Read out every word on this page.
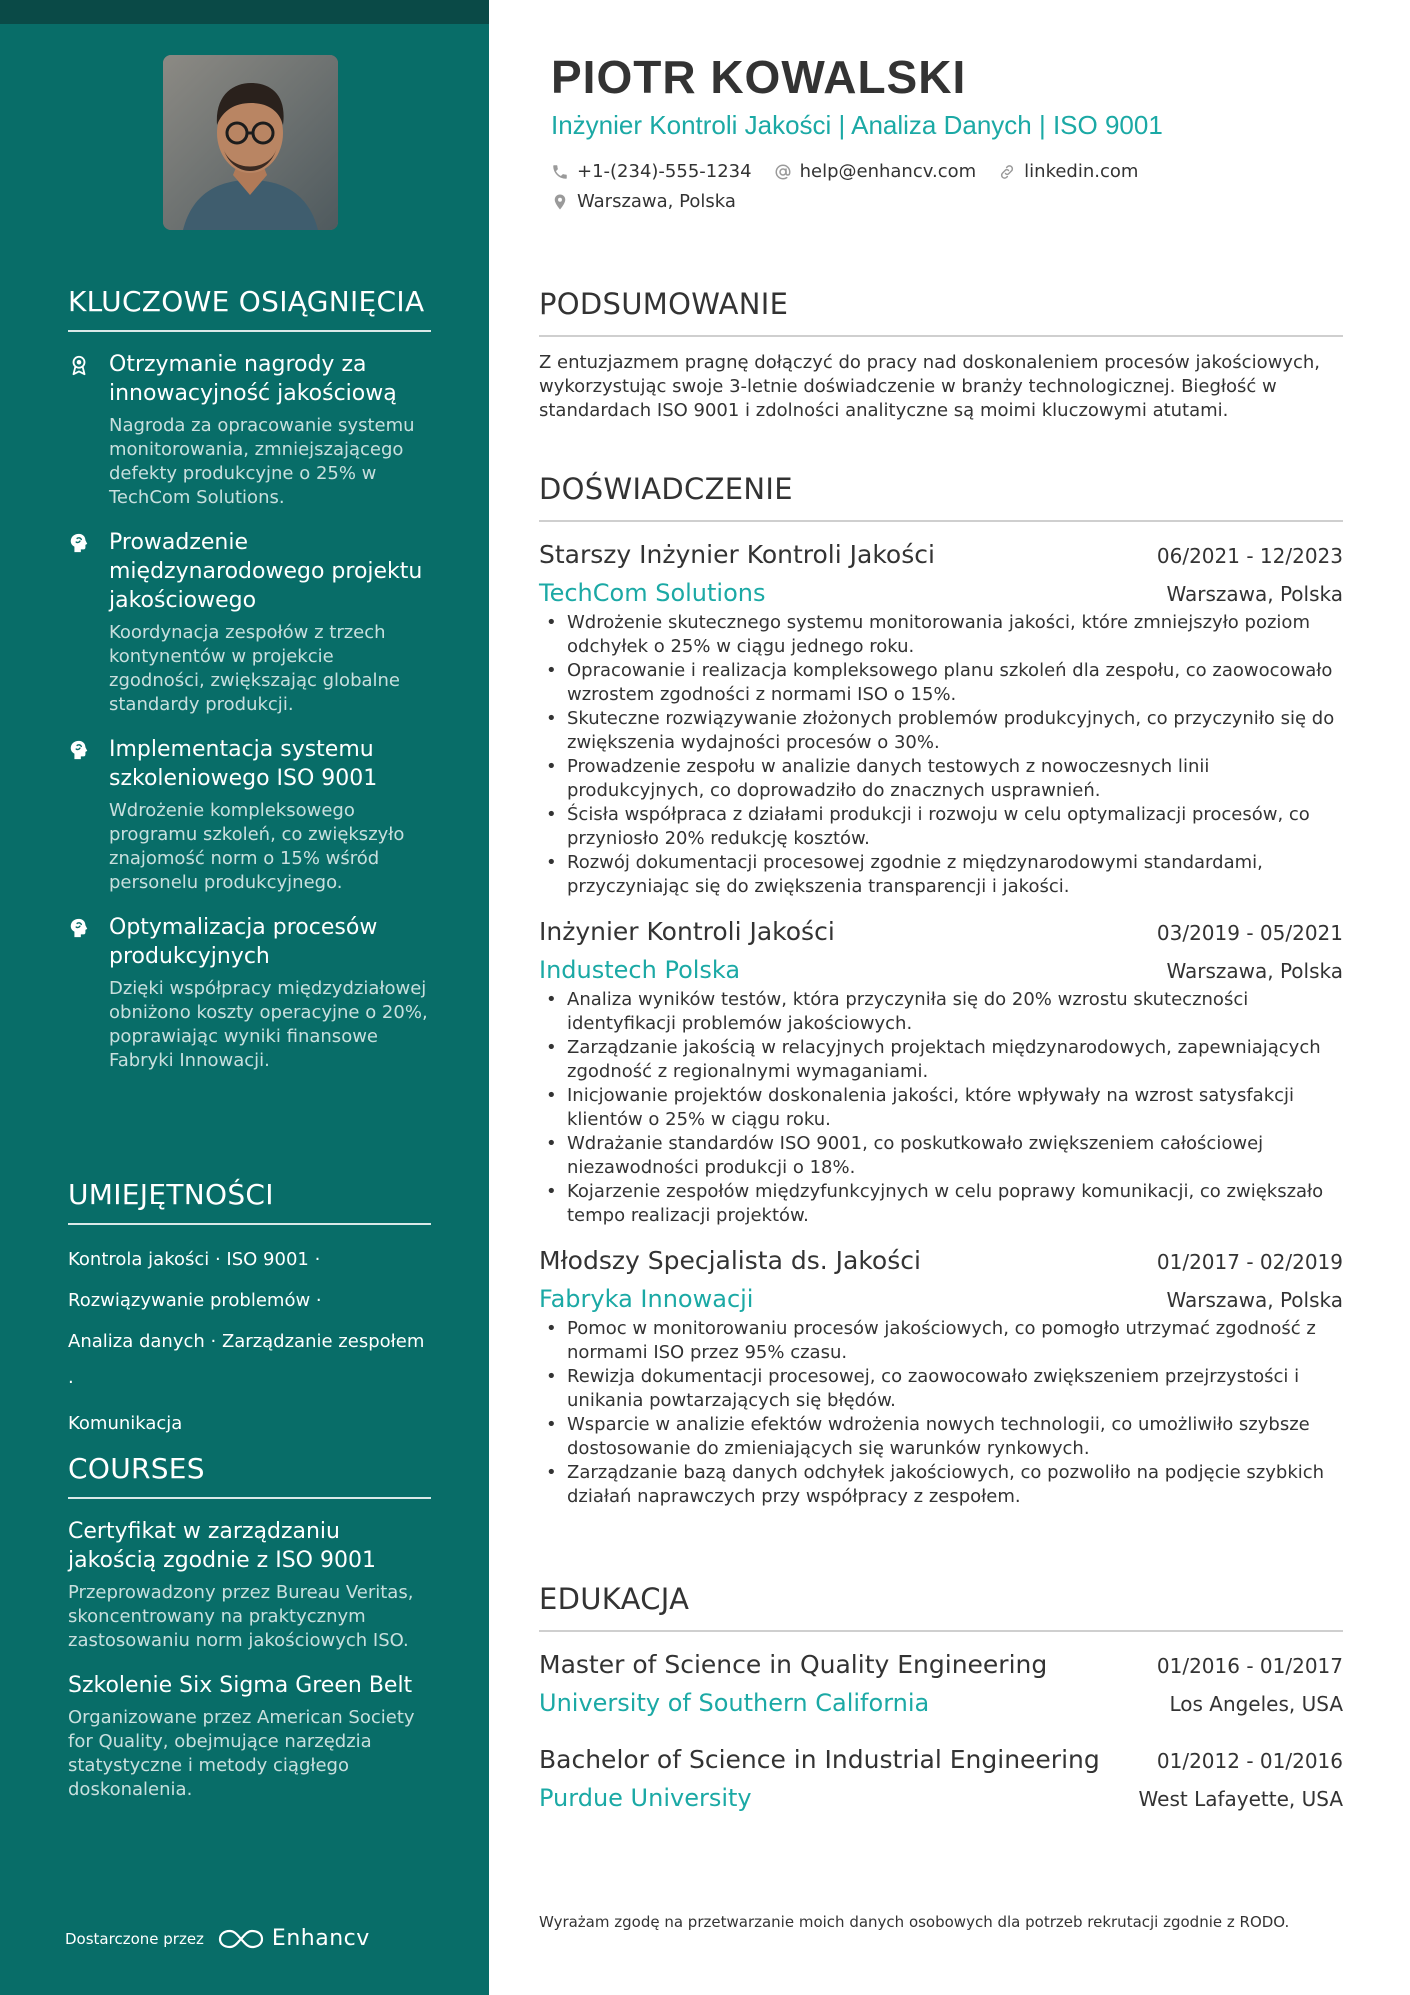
KLUCZOWE OSIĄGNIĘCIA
Otrzymanie nagrody za innowacyjność jakościową
Nagroda za opracowanie systemu monitorowania, zmniejszającego defekty produkcyjne o 25% w TechCom Solutions.
Prowadzenie międzynarodowego projektu jakościowego
Koordynacja zespołów z trzech kontynentów w projekcie zgodności, zwiększając globalne standardy produkcji.
Implementacja systemu szkoleniowego ISO 9001
Wdrożenie kompleksowego programu szkoleń, co zwiększyło znajomość norm o 15% wśród personelu produkcyjnego.
Optymalizacja procesów produkcyjnych
Dzięki współpracy międzydziałowej obniżono koszty operacyjne o 20%, poprawiając wyniki finansowe Fabryki Innowacji.
UMIEJĘTNOŚCI
Kontrola jakości · ISO 9001 ·
Rozwiązywanie problemów ·
Analiza danych · Zarządzanie zespołem ·
Komunikacja
COURSES
Certyfikat w zarządzaniu jakością zgodnie z ISO 9001
Przeprowadzony przez Bureau Veritas, skoncentrowany na praktycznym zastosowaniu norm jakościowych ISO.
Szkolenie Six Sigma Green Belt
Organizowane przez American Society for Quality, obejmujące narzędzia statystyczne i metody ciągłego doskonalenia.
Dostarczone przez	Enhancv
PIOTR KOWALSKI
Inżynier Kontroli Jakości | Analiza Danych | ISO 9001
+1-(234)-555-1234	help@enhancv.com	linkedin.com
Warszawa, Polska
PODSUMOWANIE
Z entuzjazmem pragnę dołączyć do pracy nad doskonaleniem procesów jakościowych, wykorzystując swoje 3-letnie doświadczenie w branży technologicznej. Biegłość w standardach ISO 9001 i zdolności analityczne są moimi kluczowymi atutami.
DOŚWIADCZENIE
Starszy Inżynier Kontroli Jakości	06/2021 - 12/2023
TechCom Solutions	Warszawa, Polska
• Wdrożenie skutecznego systemu monitorowania jakości, które zmniejszyło poziom odchyłek o 25% w ciągu jednego roku.
• Opracowanie i realizacja kompleksowego planu szkoleń dla zespołu, co zaowocowało wzrostem zgodności z normami ISO o 15%.
• Skuteczne rozwiązywanie złożonych problemów produkcyjnych, co przyczyniło się do zwiększenia wydajności procesów o 30%.
• Prowadzenie zespołu w analizie danych testowych z nowoczesnych linii produkcyjnych, co doprowadziło do znacznych usprawnień.
• Ścisła współpraca z działami produkcji i rozwoju w celu optymalizacji procesów, co przyniosło 20% redukcję kosztów.
• Rozwój dokumentacji procesowej zgodnie z międzynarodowymi standardami, przyczyniając się do zwiększenia transparencji i jakości.
Inżynier Kontroli Jakości	03/2019 - 05/2021
Industech Polska	Warszawa, Polska
• Analiza wyników testów, która przyczyniła się do 20% wzrostu skuteczności identyfikacji problemów jakościowych.
• Zarządzanie jakością w relacyjnych projektach międzynarodowych, zapewniających zgodność z regionalnymi wymaganiami.
• Inicjowanie projektów doskonalenia jakości, które wpływały na wzrost satysfakcji klientów o 25% w ciągu roku.
• Wdrażanie standardów ISO 9001, co poskutkowało zwiększeniem całościowej niezawodności produkcji o 18%.
• Kojarzenie zespołów międzyfunkcyjnych w celu poprawy komunikacji, co zwiększało tempo realizacji projektów.
Młodszy Specjalista ds. Jakości	01/2017 - 02/2019
Fabryka Innowacji	Warszawa, Polska
• Pomoc w monitorowaniu procesów jakościowych, co pomogło utrzymać zgodność z normami ISO przez 95% czasu.
• Rewizja dokumentacji procesowej, co zaowocowało zwiększeniem przejrzystości i unikania powtarzających się błędów.
• Wsparcie w analizie efektów wdrożenia nowych technologii, co umożliwiło szybsze dostosowanie do zmieniających się warunków rynkowych.
• Zarządzanie bazą danych odchyłek jakościowych, co pozwoliło na podjęcie szybkich działań naprawczych przy współpracy z zespołem.
EDUKACJA
Master of Science in Quality Engineering	01/2016 - 01/2017
University of Southern California	Los Angeles, USA
Bachelor of Science in Industrial Engineering	01/2012 - 01/2016
Purdue University	West Lafayette, USA
Wyrażam zgodę na przetwarzanie moich danych osobowych dla potrzeb rekrutacji zgodnie z RODO.
